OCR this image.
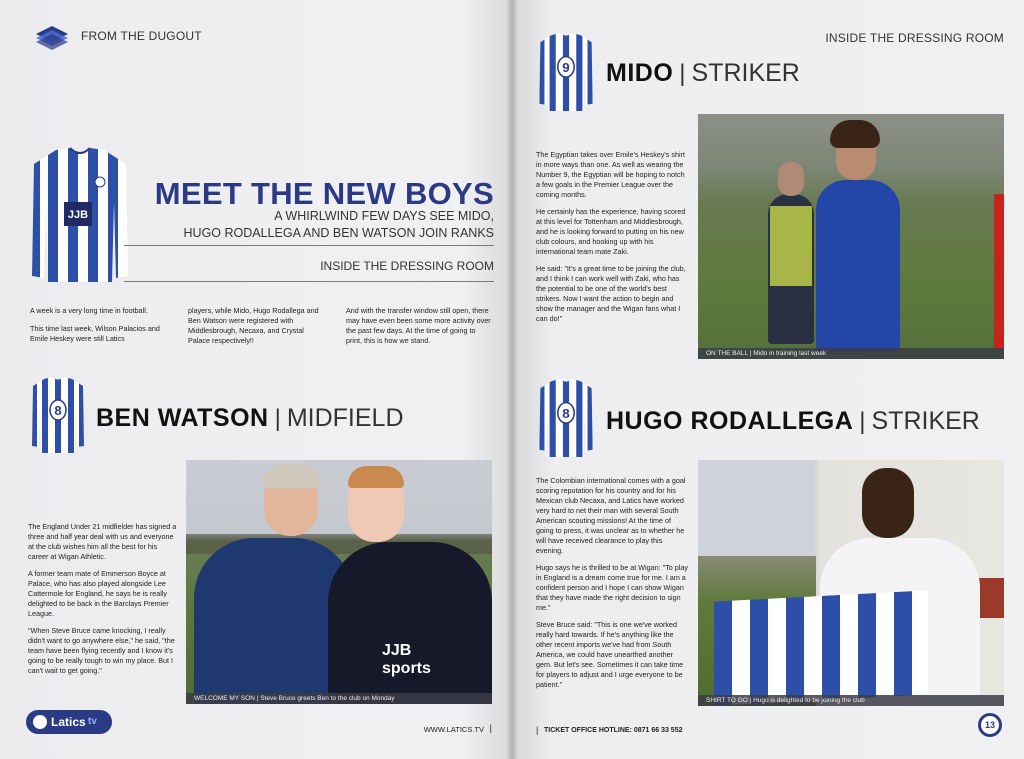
FROM THE DUGOUT
JJB
MEET THE NEW BOYS
A WHIRLWIND FEW DAYS SEE MIDO,
HUGO RODALLEGA AND BEN WATSON JOIN RANKS
INSIDE THE DRESSING ROOM

A week is a very long time in football.

This time last week, Wilson Palacios and Emile Heskey were still Latics

players, while Mido, Hugo Rodallega and Ben Watson were registered with Middlesbrough, Necaxa, and Crystal Palace respectively!!
And with the transfer window still open, there may have even been some more activity over the past few days. At the time of going to print, this is how we stand.
8 BEN WATSON | MIDFIELD

The England Under 21 midfielder has signed a three and half year deal with us and everyone at the club wishes him all the best for his career at Wigan Athletic.

A former team mate of Emmerson Boyce at Palace, who has also played alongside Lee Cattermole for England, he says he is really delighted to be back in the Barclays Premier League.

"When Steve Bruce came knocking, I really didn't want to go anywhere else," he said, "the team have been flying recently and I know it's going to be really tough to win my place. But I can't wait to get going."

JJB sports
WELCOME MY SON | Steve Bruce greets Ben to the club on Monday
Latics tv
WWW.LATICS.TV |
INSIDE THE DRESSING ROOM
9 MIDO | STRIKER

The Egyptian takes over Emile's Heskey's shirt in more ways than one. As well as wearing the Number 9, the Egyptian will be hoping to notch a few goals in the Premier League over the coming months.

He certainly has the experience, having scored at this level for Tottenham and Middlesbrough, and he is looking forward to putting on his new club colours, and hooking up with his international team mate Zaki.

He said: "It's a great time to be joining the club, and I think I can work well with Zaki, who has the potential to be one of the world's best strikers. Now I want the action to begin and show the manager and the Wigan fans what I can do!"

ON THE BALL | Mido in training last week
8 HUGO RODALLEGA | STRIKER

The Colombian international comes with a goal scoring reputation for his country and for his Mexican club Necaxa, and Latics have worked very hard to net their man with several South American scouting missions! At the time of going to press, it was unclear as to whether he will have received clearance to play this evening.

Hugo says he is thrilled to be at Wigan: "To play in England is a dream come true for me. I am a confident person and I hope I can show Wigan that they have made the right decision to sign me."

Steve Bruce said: "This is one we've worked really hard towards. If he's anything like the other recent imports we've had from South America, we could have unearthed another gem. But let's see. Sometimes it can take time for players to adjust and I urge everyone to be patient."

SHIRT TO GO | Hugo is delighted to be joining the club
| TICKET OFFICE HOTLINE: 0871 66 33 552
13
